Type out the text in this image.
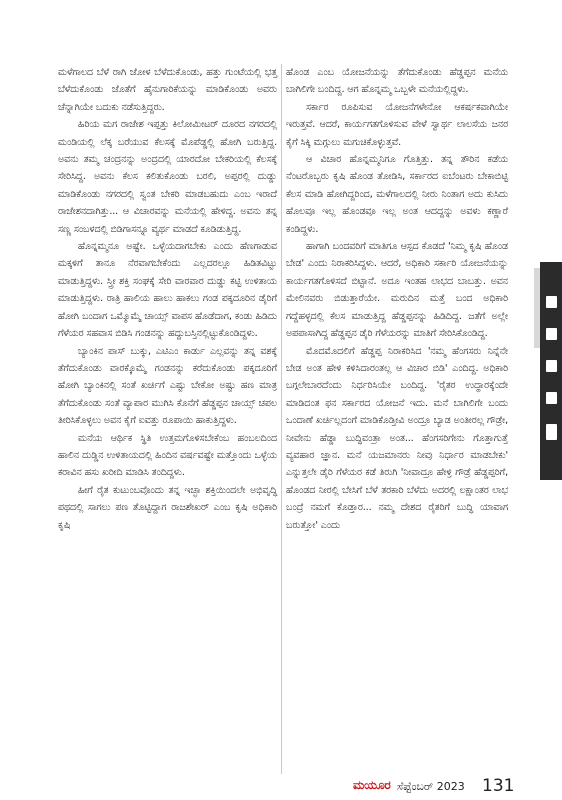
ಮಳೆಗಾಲದ ಬೆಳೆ ರಾಗಿ ಜೋಳ ಬೆಳೆದುಕೊಂಡು, ಹತ್ತು ಗುಂಟೆಯಲ್ಲಿ ಭತ್ತ ಬೆಳೆದುಕೊಂಡು ಜೊತೆಗೆ ಹೈನುಗಾರಿಕೆಯನ್ನು ಮಾಡಿಕೊಂಡು ಅವರು ಚೆನ್ನಾಗಿಯೇ ಬದುಕು ನಡೆಸುತ್ತಿದ್ದರು.

ಹಿರಿಯ ಮಗ ರಾಜೇಶ ಇಪ್ಪತ್ತು ಕಿಲೋಮೀಟರ್ ದೂರದ ನಗರದಲ್ಲಿ ಮಂಡಿಯಲ್ಲಿ ಲೆಕ್ಕ ಬರೆಯುವ ಕೆಲಸಕ್ಕೆ ಮೊಪೆಡ್ಡಲ್ಲಿ ಹೋಗಿ ಬರುತ್ತಿದ್ದ. ಅವನು ತಮ್ಮ ಚಂದ್ರನನ್ನು ಅಂದ್ರದಲ್ಲಿ ಯಾರದೋ ಬೇಕರಿಯಲ್ಲಿ ಕೆಲಸಕ್ಕೆ ಸೇರಿಸಿದ್ದ. ಅವನು ಕೆಲಸ ಕಲಿತುಕೊಂಡು ಬರಲಿ, ಅಪ್ಪರಲ್ಲಿ ದುಡ್ಡು ಮಾಡಿಕೊಂಡು ನಗರದಲ್ಲಿ ಸ್ವಂತ ಬೇಕರಿ ಮಾಡಬಹುದು ಎಂಬ ಇರಾದೆ ರಾಜೇಶನದಾಗಿತ್ತು... ಆ ವಿಚಾರವನ್ನು ಮನೆಯಲ್ಲಿ ಹೇಳಿದ್ದ. ಅವನು ತನ್ನ ಸಣ್ಣ ಸಂಬಳದಲ್ಲಿ ಬಿಡಿಗಾಸನ್ನೂ ವ್ಯರ್ಥ ಮಾಡದೆ ಕೂಡಿಡುತ್ತಿದ್ದ.

ಹೊನ್ನಮ್ಮನೂ ಅಷ್ಟೇ. ಒಳ್ಳೆಯದಾಗಬೇಕು ಎಂದು ಹೆಣಗಾಡುವ ಮಕ್ಕಳಿಗೆ ತಾನೂ ನೆರವಾಗಬೇಕೆಂದು ಎಲ್ಲದರಲ್ಲೂ ಹಿಡಿತವಿಟ್ಟು ಮಾಡುತ್ತಿದ್ದಳು. ಸ್ತ್ರೀ ಶಕ್ತಿ ಸಂಘಕ್ಕೆ ಸೇರಿ ವಾರವಾರ ದುಡ್ಡು ಕಟ್ಟಿ ಉಳಿತಾಯ ಮಾಡುತ್ತಿದ್ದಳು. ರಾತ್ರಿ ಹಾಲಿಯ ಹಾಲು ಹಾಕಲು ಗಂಡ ಪಕ್ಕದೂರಿನ ಡೈರಿಗೆ ಹೋಗಿ ಬಂದಾಗ ಒಮ್ಮೊಮ್ಮೆ ಚಾಯ್ಸ್ ವಾಪಸ ಹೊಡೆದಾಗ, ಕಂಡು ಹಿಡಿದು ಗೆಳೆಯರ ಸಹವಾಸ ಬಿಡಿಸಿ ಗಂಡನನ್ನು ಹದ್ದುಬಸ್ತಿನಲ್ಲಿಟ್ಟುಕೊಂಡಿದ್ದಳು.

ಬ್ಯಾಂಕಿನ ಪಾಸ್ ಬುಕ್ಕು, ಎಟಿಎಂ ಕಾರ್ಡು ಎಲ್ಲವನ್ನು ತನ್ನ ವಶಕ್ಕೆ ತೆಗೆದುಕೊಂಡು ವಾರಕ್ಕೊಮ್ಮೆ ಗಂಡನನ್ನು ಕರೆದುಕೊಂಡು ಪಕ್ಕದೂರಿಗೆ ಹೋಗಿ ಬ್ಯಾಂಕಿನಲ್ಲಿ ಸಂತೆ ಖರ್ಚಿಗೆ ಎಷ್ಟು ಬೇಕೋ ಅಷ್ಟು ಹಣ ಮಾತ್ರ ತೆಗೆದುಕೊಂಡು ಸಂತೆ ವ್ಯಾಪಾರ ಮುಗಿಸಿ ಕೊನೆಗೆ ಹೆಡ್ಡಪ್ಪನ ಚಾಯ್ಸ್ ಚಪಲ ತೀರಿಸಿಕೊಳ್ಳಲು ಅವನ ಕೈಗೆ ಐವತ್ತು ರೂಪಾಯಿ ಹಾಕುತ್ತಿದ್ದಳು.

ಮನೆಯ ಆರ್ಥಿಕ ಸ್ಥಿತಿ ಉತ್ತಮಗೊಳಿಸಬೇಕೆಂಬ ಹಂಬಲದಿಂದ ಹಾಲಿನ ದುಡ್ಡಿನ ಉಳಿತಾಯದಲ್ಲಿ ಹಿಂದಿನ ವರ್ಷವಷ್ಟೇ ಮತ್ತೊಂದು ಒಳ್ಳೆಯ ಕರಾವಿನ ಹಸು ಖರೀದಿ ಮಾಡಿಸಿ ತಂದಿದ್ದಳು.

ಹೀಗೆ ರೈತ ಕುಟುಂಬವೊಂದು ತನ್ನ ಇಚ್ಛಾ ಶಕ್ತಿಯಿಂದಲೇ ಅಭಿವೃದ್ಧಿ ಪಥದಲ್ಲಿ ಸಾಗಲು ಪಣ ತೊಟ್ಟಿದ್ದಾಗ ರಾಜಶೇಖರ್ ಎಂಬ ಕೃಷಿ ಅಧಿಕಾರಿ ಕೃಷಿ

ಹೊಂಡ ಎಂಬ ಯೋಜನೆಯನ್ನು ತೆಗೆದುಕೊಂಡು ಹೆಡ್ಡಪ್ಪನ ಮನೆಯ ಬಾಗಿಲಿಗೇ ಬಂದಿದ್ದ. ಆಗ ಹೊನ್ನಮ್ಮ ಒಬ್ಬಳೇ ಮನೆಯಲ್ಲಿದ್ದಳು.

ಸರ್ಕಾರ ರೂಪಿಸುವ ಯೋಜನೆಗಳೇನೋ ಆಕರ್ಷಕವಾಗಿಯೇ ಇರುತ್ತವೆ. ಆದರೆ, ಕಾರ್ಯಗತಗೊಳಿಸುವ ವೇಳೆ ಸ್ವಾರ್ಥ ಲಾಲಸೆಯ ಜನರ ಕೈಗೆ ಸಿಕ್ಕಿ ಮಗ್ಗುಲು ಮಗುಚಿಕೊಳ್ಳುತ್ತವೆ.

ಆ ವಿಚಾರ ಹೊನ್ನಮ್ಮನಿಗೂ ಗೊತ್ತಿತ್ತು. ತನ್ನ ತೌರಿನ ಕಡೆಯ ನೆಂಟರೊಬ್ಬರು ಕೃಷಿ ಹೊಂಡ ತೋಡಿಸಿ, ಸರ್ಕಾರದ ಐಬೆಂಟರು ಬೇಕಾಬಿಟ್ಟಿ ಕೆಲಸ ಮಾಡಿ ಹೋಗಿದ್ದರಿಂದ, ಮಳೆಗಾಲದಲ್ಲಿ ನೀರು ನಿಂತಾಗ ಅದು ಕುಸಿದು ಹೊಲವೂ ಇಲ್ಲ ಹೊಂಡವೂ ಇಲ್ಲ ಅಂತ ಆದದ್ದನ್ನು ಅವಳು ಕಣ್ಣಾರೆ ಕಂಡಿದ್ದಳು.

ಹಾಗಾಗಿ ಬಂದವರಿಗೆ ಮಾತಿಗೂ ಆಸ್ಪದ ಕೊಡದೆ 'ನಿಮ್ಮ ಕೃಷಿ ಹೊಂಡ ಬೇಡ' ಎಂದು ನಿರಾಕರಿಸಿದ್ದಳು. ಆದರೆ, ಅಧಿಕಾರಿ ಸರ್ಕಾರಿ ಯೋಜನೆಯನ್ನು ಕಾರ್ಯಗತಗೊಳಿಸದೆ ಬಿಟ್ಟಾನೆ. ಅದೂ ಇಂತಹ ಲಾಭದ ಬಾಬತ್ತು. ಅವನ ಮೇಲಿನವರು ಬಿಡುತ್ತಾರೆಯೇ. ಮರುದಿನ ಮತ್ತೆ ಬಂದ ಅಧಿಕಾರಿ ಗದ್ದೆಹಳ್ಳದಲ್ಲಿ ಕೆಲಸ ಮಾಡುತ್ತಿದ್ದ ಹೆಡ್ಡಪ್ಪನನ್ನು ಹಿಡಿದಿದ್ದ. ಜತೆಗೆ ಅಲ್ಲೇ ಅಪಪಾಸಾಗಿದ್ದ ಹೆಡ್ಡಪ್ಪನ ಡೈರಿ ಗೆಳೆಯರನ್ನು ಮಾತಿಗೆ ಸೇರಿಸಿಕೊಂಡಿದ್ದ.

ಮೊದಮೊದಲಿಗೆ ಹೆಡ್ಡಪ್ಪ ನಿರಾಕರಿಸಿದ 'ನಮ್ಮ ಹೆಂಗಸರು ನಿನ್ನೆನೇ ಬೇಡ ಅಂತ ಹೇಳಿ ಕಳಿಸಿದಾರಂತಲ್ಲ ಆ ವಿಚಾರ ಬಿಡಿ' ಎಂದಿದ್ದ. ಅಧಿಕಾರಿ ಬಗ್ಗಲೇಬಾರದೆಂದು ನಿರ್ಧರಿಸಿಯೇ ಬಂದಿದ್ದ. 'ರೈತರ ಉದ್ಧಾರಕ್ಕೆಂದೇ ಮಾಡಿದಂತ ಫನ ಸರ್ಕಾರದ ಯೋಜನೆ ಇದು. ಮನೆ ಬಾಗಿಲಿಗೇ ಬಂದು ಒಂದಾಣೆ ಖರ್ಚಿಲ್ಲದಂಗೆ ಮಾಡಿಕೊಡ್ತೀವಿ ಅಂದ್ರೂ ಬ್ಯಾಡ ಅಂತೀರಲ್ಲ ಗೌಡ್ರೇ, ನೀವೇನು ಹೆಡ್ಡಾ ಬುದ್ಧಿವಂತ್ರಾ ಅಂತ... ಹೆಂಗಸರಿಗೇನು ಗೊತ್ತಾಗುತ್ತೆ ವ್ಯವಹಾರ ಜ್ಞಾನ. ಮನೆ ಯಜಮಾನರು ನೀವು ನಿರ್ಧಾರ ಮಾಡಬೇಕು' ಎನ್ನುತ್ತಲೇ ಡೈರಿ ಗೆಳೆಯರ ಕಡೆ ತಿರುಗಿ 'ನೀವಾದ್ರೂ ಹೇಳ್ರಿ ಗೌಡ್ರೆ ಹೆಡ್ಡಪ್ಪರಿಗೆ, ಹೊಂಡದ ನೀರಲ್ಲಿ ಬೇಸಿಗೆ ಬೆಳೆ ತರಕಾರಿ ಬೆಳೆದು ಅದರಲ್ಲಿ ಲಕ್ಷಾಂತರ ಲಾಭ ಬಂದ್ರೆ ನಮಗೆ ಕೊಡ್ತಾರ... ನಮ್ಮ ದೇಶದ ರೈತರಿಗೆ ಬುದ್ಧಿ ಯಾವಾಗ ಬರುತ್ತೋ' ಎಂದು

ಮಯೂರ ಸೆಪ್ಟೆಂಬರ್ 2023 131
